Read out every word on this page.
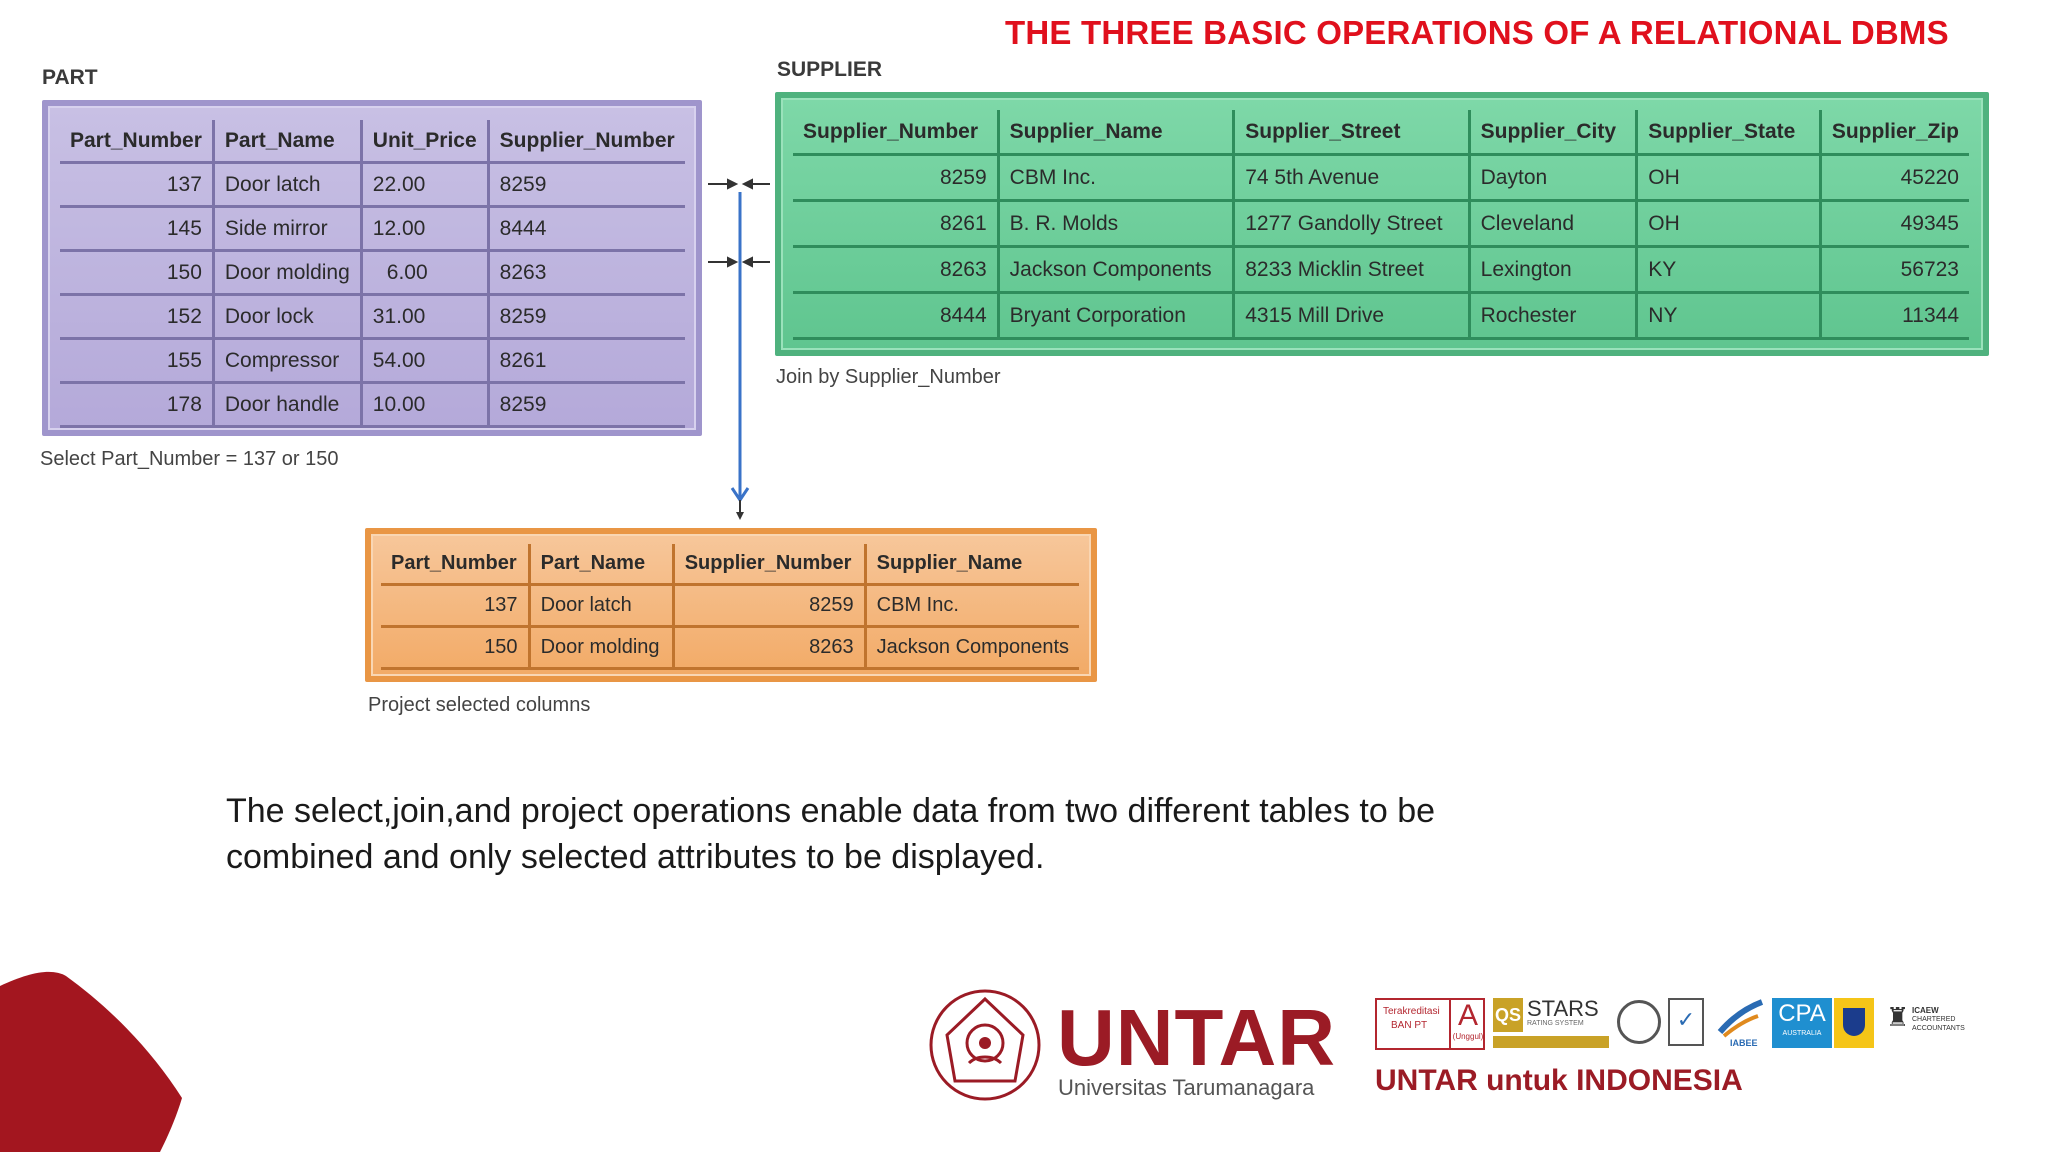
THE THREE BASIC OPERATIONS OF A RELATIONAL DBMS
PART
Part_Number	Part_Name	Unit_Price	Supplier_Number
137	Door latch	22.00	8259
145	Side mirror	12.00	8444
150	Door molding	6.00	8263
152	Door lock	31.00	8259
155	Compressor	54.00	8261
178	Door handle	10.00	8259
Select Part_Number = 137 or 150
SUPPLIER
Supplier_Number	Supplier_Name	Supplier_Street	Supplier_City	Supplier_State	Supplier_Zip
8259	CBM Inc.	74 5th Avenue	Dayton	OH	45220
8261	B. R. Molds	1277 Gandolly Street	Cleveland	OH	49345
8263	Jackson Components	8233 Micklin Street	Lexington	KY	56723
8444	Bryant Corporation	4315 Mill Drive	Rochester	NY	11344
Join by Supplier_Number
Part_Number	Part_Name	Supplier_Number	Supplier_Name
137	Door latch	8259	CBM Inc.
150	Door molding	8263	Jackson Components
Project selected columns
The select,join,and project operations enable data from two different tables to be
combined and only selected attributes to be displayed.
UNTAR
Universitas Tarumanagara UNTAR untuk INDONESIA
Terakreditasi
BAN PT A
(Unggul)
QS STARS
RATING SYSTEM	✓
IABEE
CPA
AUSTRALIA
♜ ICAEW
CHARTERED
ACCOUNTANTS
